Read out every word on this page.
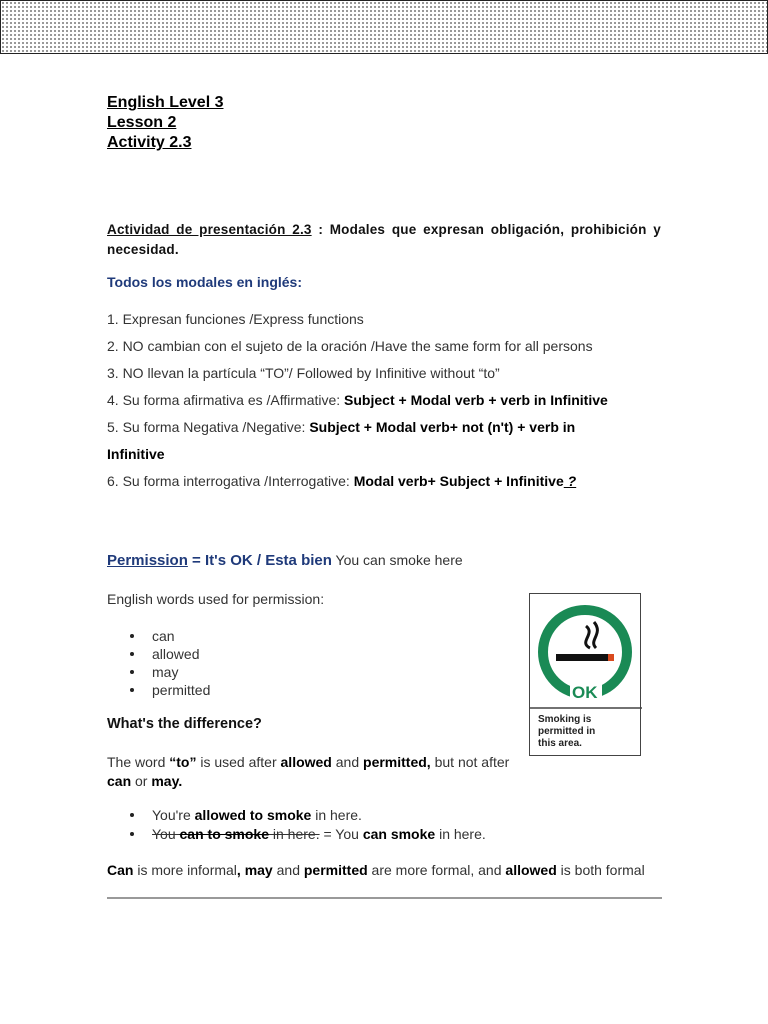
English Level 3
Lesson 2
Activity 2.3
Actividad de presentación 2.3 : Modales que expresan obligación, prohibición y necesidad.
Todos los modales en inglés:
1. Expresan funciones /Express functions
2. NO cambian con el sujeto de la oración /Have the same form for all persons
3. NO llevan la partícula “TO”/ Followed by Infinitive without “to”
4. Su forma afirmativa es /Affirmative: Subject + Modal verb + verb in Infinitive
5. Su forma Negativa /Negative: Subject + Modal verb+ not (n't) + verb in
Infinitive
6. Su forma interrogativa /Interrogative: Modal verb+ Subject + Infinitive ?
Permission = It's OK / Esta bien You can smoke here
English words used for permission:
can
allowed
may
permitted	OK
Smoking is
permitted in
this area.
What's the difference?
The word “to” is used after allowed and permitted, but not after can or may.
You're allowed to smoke in here.
You can to smoke in here. = You can smoke in here.
Can is more informal, may and permitted are more formal, and allowed is both formal
